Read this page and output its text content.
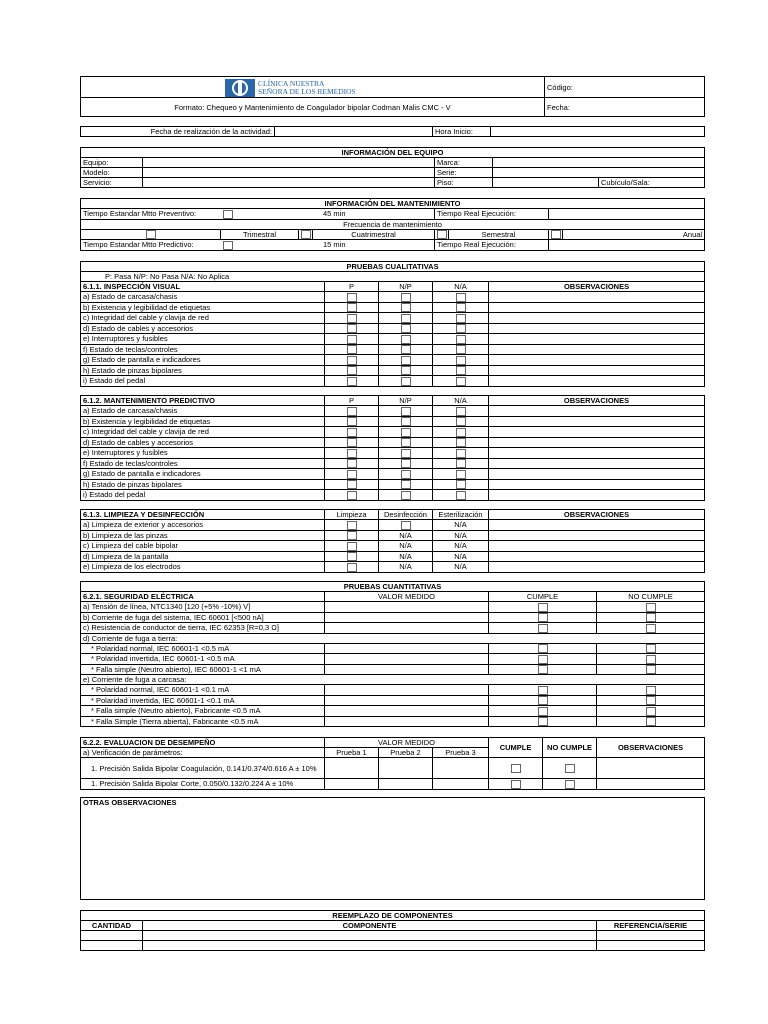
CLÍNICA NUESTRA
SEÑORA DE LOS REMEDIOS	Código:
Formato: Chequeo y Mantenimiento de Coagulador bipolar Codman Malis CMC - V	Fecha:
Fecha de realización de la actividad:		Hora Inicio:	
INFORMACIÓN DEL EQUIPO				
Equipo:		Marca:		
Modelo:		Serie:		
Servicio:		Piso:		Cubículo/Sala:
INFORMACIÓN DEL MANTENIMIENTO								
Tiempo Estandar Mtto Preventivo:		45 min			Tiempo Real Ejecución:			
Frecuencia de mantenimiento								
	Trimestral			Cuatrimestral		Semestral		Anual
Tiempo Estandar Mtto Predictivo:		15 min			Tiempo Real Ejecución:			
PRUEBAS CUALITATIVAS				
P: Pasa N/P: No Pasa N/A: No Aplica				
6.1.1. INSPECCIÓN VISUAL	P	N/P	N/A	OBSERVACIONES
a) Estado de carcasa/chasis				
b) Existencia y legibilidad de etiquetas				
c) Integridad del cable y clavija de red				
d) Estado de cables y accesorios				
e) Interruptores y fusibles				
f) Estado de teclas/controles				
g) Estado de pantalla e indicadores				
h) Estado de pinzas bipolares				
i) Estado del pedal				
6.1.2. MANTENIMIENTO PREDICTIVO	P	N/P	N/A	OBSERVACIONES
a) Estado de carcasa/chasis				
b) Existencia y legibilidad de etiquetas				
c) Integridad del cable y clavija de red				
d) Estado de cables y accesorios				
e) Interruptores y fusibles				
f) Estado de teclas/controles				
g) Estado de pantalla e indicadores				
h) Estado de pinzas bipolares				
i) Estado del pedal				
6.1.3. LIMPIEZA Y DESINFECCIÓN	Limpieza	Desinfección	Esterilización	OBSERVACIONES
a) Limpieza de exterior y accesorios			N/A	
b) Limpieza de las pinzas		N/A	N/A	
c) Limpieza del cable bipolar		N/A	N/A	
d) Limpieza de la pantalla		N/A	N/A	
e) Limpieza de los electrodos		N/A	N/A	
PRUEBAS CUANTITATIVAS			
6.2.1. SEGURIDAD ELÉCTRICA	VALOR MEDIDO	CUMPLE	NO CUMPLE
a) Tensión de línea, NTC1340 [120 (+5% -10%) V]			
b) Corriente de fuga del sistema, IEC 60601 [<500 nA]			
c) Resistencia de conductor de tierra, IEC 62353 [R=0,3 Ω]			
d) Corriente de fuga a tierra:			
* Polaridad normal, IEC 60601-1 <0.5 mA			
* Polaridad invertida, IEC 60601-1 <0.5 mA			
* Falla simple (Neutro abierto), IEC 60601-1 <1 mA			
e) Corriente de fuga a carcasa:			
* Polaridad normal, IEC 60601-1 <0.1 mA			
* Polaridad invertida, IEC 60601-1 <0.1 mA			
* Falla simple (Neutro abierto), Fabricante <0.5 mA			
* Falla Simple (Tierra abierta), Fabricante <0.5 mA			
6.2.2. EVALUACION DE DESEMPEÑO	VALOR MEDIDO			CUMPLE	NO CUMPLE	OBSERVACIONES
a) Verificación de parámetros:	Prueba 1	Prueba 2	Prueba 3			
1. Precisión Salida Bipolar Coagulación, 0.141/0.374/0.616 A ± 10%						
1. Precisión Salida Bipolar Corte, 0.050/0.132/0.224 A ± 10%						
OTRAS OBSERVACIONES

REEMPLAZO DE COMPONENTES		
CANTIDAD	COMPONENTE	REFERENCIA/SERIE
